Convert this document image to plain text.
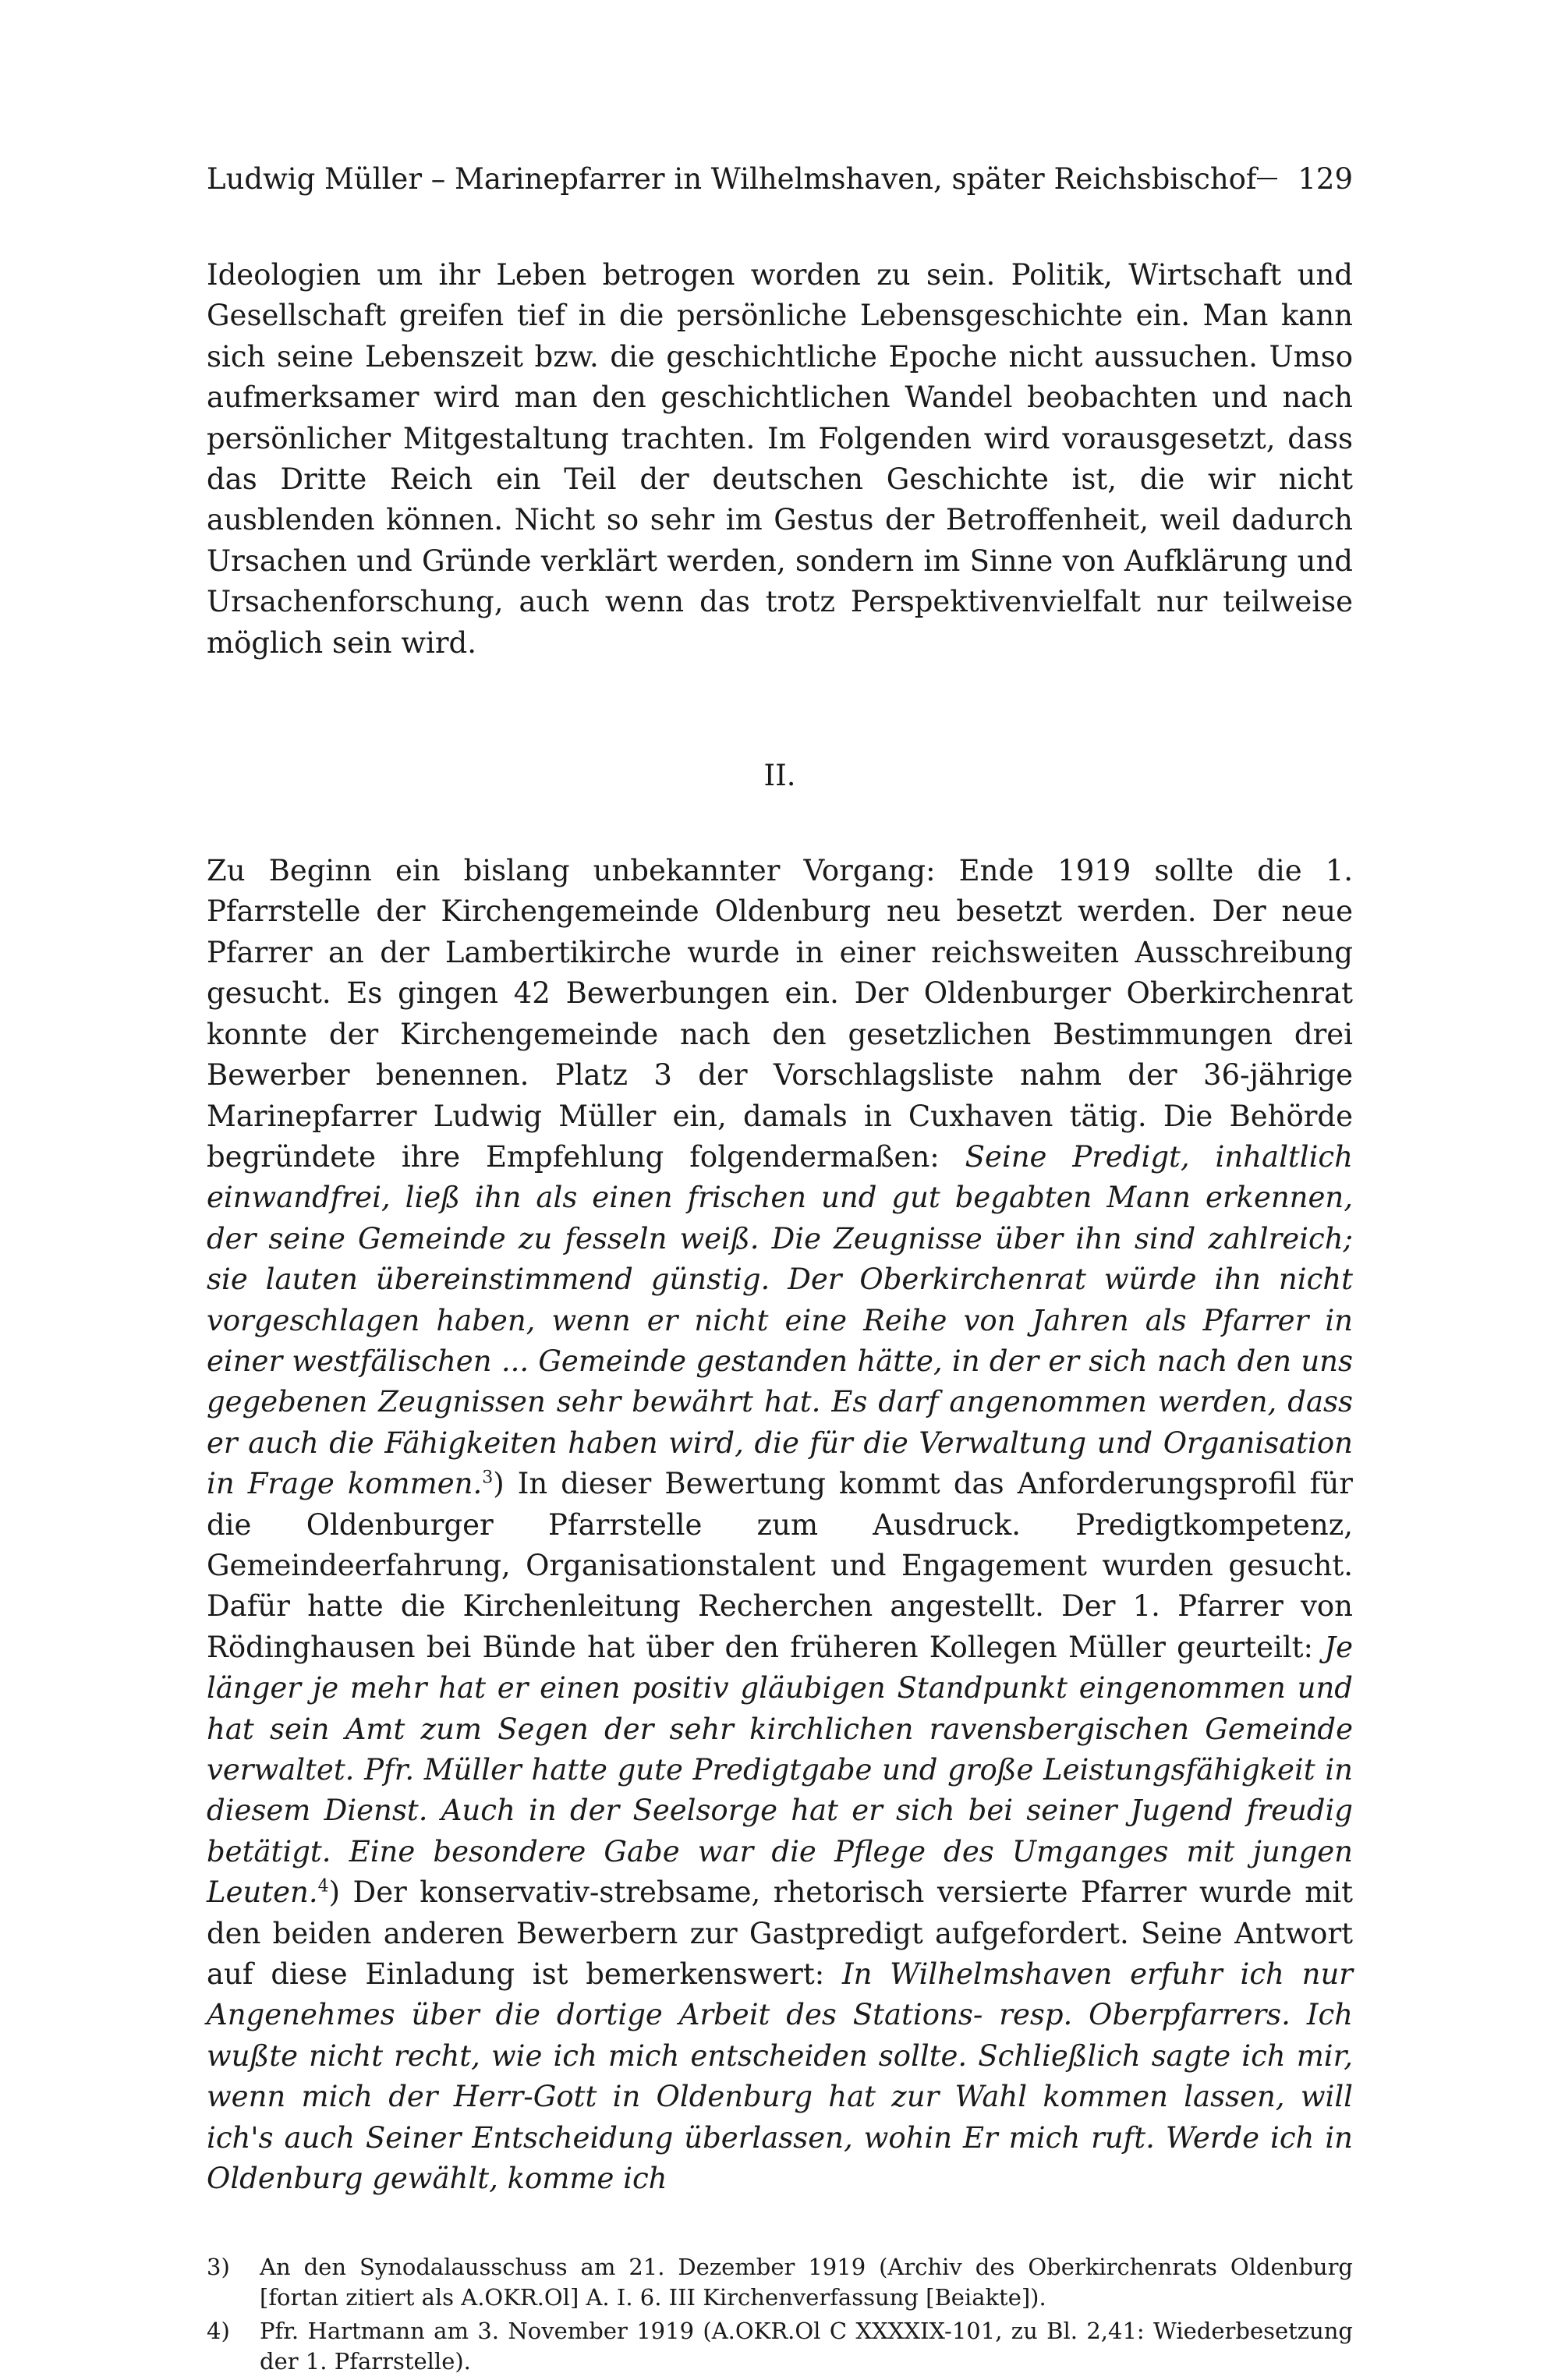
Ludwig Müller – Marinepfarrer in Wilhelmshaven, später Reichsbischof 129

Ideologien um ihr Leben betrogen worden zu sein. Politik, Wirtschaft und Gesellschaft greifen tief in die persönliche Lebensgeschichte ein. Man kann sich seine Lebenszeit bzw. die geschichtliche Epoche nicht aussuchen. Umso aufmerksamer wird man den geschichtlichen Wandel beobachten und nach persönlicher Mitgestaltung trachten. Im Folgenden wird vorausgesetzt, dass das Dritte Reich ein Teil der deutschen Geschichte ist, die wir nicht ausblenden können. Nicht so sehr im Gestus der Betroffenheit, weil dadurch Ursachen und Gründe verklärt werden, sondern im Sinne von Aufklärung und Ursachenforschung, auch wenn das trotz Perspektivenvielfalt nur teilweise möglich sein wird.

II.

Zu Beginn ein bislang unbekannter Vorgang: Ende 1919 sollte die 1. Pfarrstelle der Kirchengemeinde Oldenburg neu besetzt werden. Der neue Pfarrer an der Lambertikirche wurde in einer reichsweiten Ausschreibung gesucht. Es gingen 42 Bewerbungen ein. Der Oldenburger Oberkirchenrat konnte der Kirchengemeinde nach den gesetzlichen Bestimmungen drei Bewerber benennen. Platz 3 der Vorschlagsliste nahm der 36-jährige Marinepfarrer Ludwig Müller ein, damals in Cuxhaven tätig. Die Behörde begründete ihre Empfehlung folgendermaßen: Seine Predigt, inhaltlich einwandfrei, ließ ihn als einen frischen und gut begabten Mann erkennen, der seine Gemeinde zu fesseln weiß. Die Zeugnisse über ihn sind zahlreich; sie lauten übereinstimmend günstig. Der Oberkirchenrat würde ihn nicht vorgeschlagen haben, wenn er nicht eine Reihe von Jahren als Pfarrer in einer westfälischen ... Gemeinde gestanden hätte, in der er sich nach den uns gegebenen Zeugnissen sehr bewährt hat. Es darf angenommen werden, dass er auch die Fähigkeiten haben wird, die für die Verwaltung und Organisation in Frage kommen.$^3$) In dieser Bewertung kommt das Anforderungsprofil für die Oldenburger Pfarrstelle zum Ausdruck. Predigtkompetenz, Gemeindeerfahrung, Organisationstalent und Engagement wurden gesucht. Dafür hatte die Kirchenleitung Recherchen angestellt. Der 1. Pfarrer von Rödinghausen bei Bünde hat über den früheren Kollegen Müller geurteilt: Je länger je mehr hat er einen positiv gläubigen Standpunkt eingenommen und hat sein Amt zum Segen der sehr kirchlichen ravensbergischen Gemeinde verwaltet. Pfr. Müller hatte gute Predigtgabe und große Leistungsfähigkeit in diesem Dienst. Auch in der Seelsorge hat er sich bei seiner Jugend freudig betätigt. Eine besondere Gabe war die Pflege des Umganges mit jungen Leuten.$^4$) Der konservativ-strebsame, rhetorisch versierte Pfarrer wurde mit den beiden anderen Bewerbern zur Gastpredigt aufgefordert. Seine Antwort auf diese Einladung ist bemerkenswert: In Wilhelmshaven erfuhr ich nur Angenehmes über die dortige Arbeit des Stations- resp. Oberpfarrers. Ich wußte nicht recht, wie ich mich entscheiden sollte. Schließlich sagte ich mir, wenn mich der Herr-Gott in Oldenburg hat zur Wahl kommen lassen, will ich's auch Seiner Entscheidung überlassen, wohin Er mich ruft. Werde ich in Oldenburg gewählt, komme ich

3)	An den Synodalausschuss am 21. Dezember 1919 (Archiv des Oberkirchenrats Oldenburg [fortan zitiert als A.OKR.Ol] A. I. 6. III Kirchenverfassung [Beiakte]).
4)	Pfr. Hartmann am 3. November 1919 (A.OKR.Ol C XXXXIX-101, zu Bl. 2,41: Wiederbesetzung der 1. Pfarrstelle).
